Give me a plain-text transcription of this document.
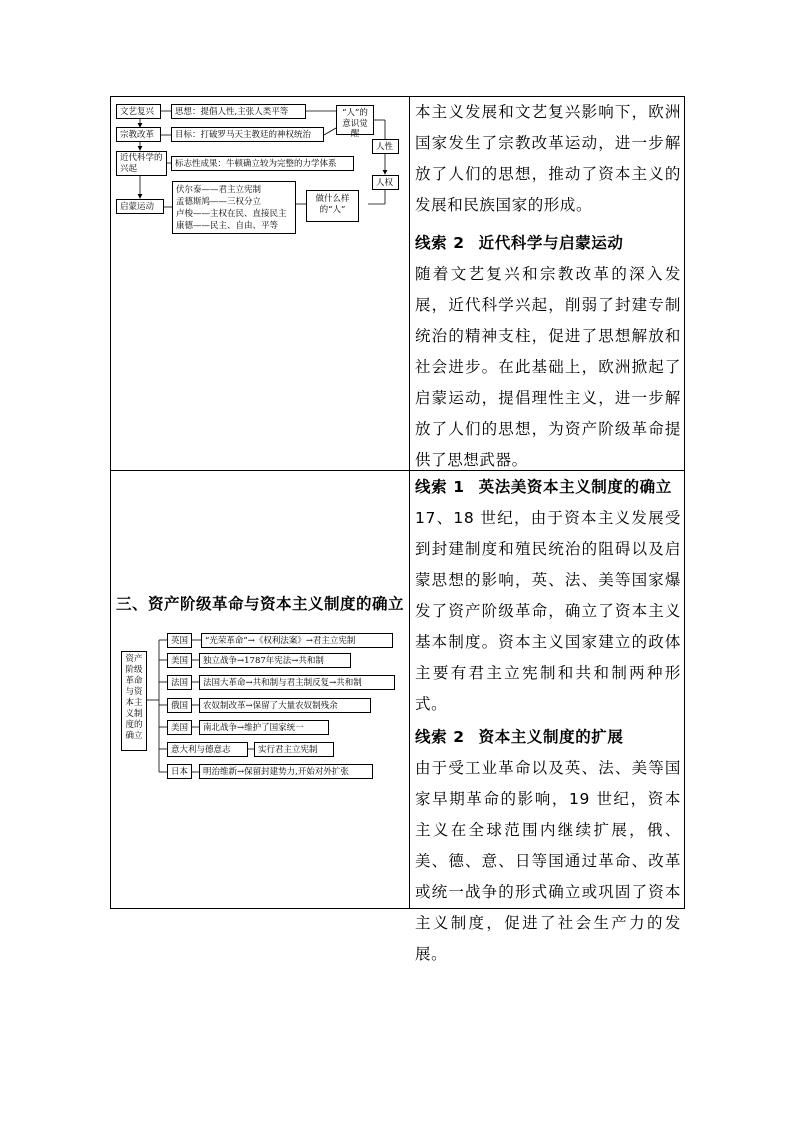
本主义发展和文艺复兴影响下，欧洲国家发生了宗教改革运动，进一步解放了人们的思想，推动了资本主义的发展和民族国家的形成。

线索 2 近代科学与启蒙运动

随着文艺复兴和宗教改革的深入发展，近代科学兴起，削弱了封建专制统治的精神支柱，促进了思想解放和社会进步。在此基础上，欧洲掀起了启蒙运动，提倡理性主义，进一步解放了人们的思想，为资产阶级革命提供了思想武器。

线索 1 英法美资本主义制度的确立

17、18 世纪，由于资本主义发展受到封建制度和殖民统治的阻碍以及启蒙思想的影响，英、法、美等国家爆发了资产阶级革命，确立了资本主义基本制度。资本主义国家建立的政体主要有君主立宪制和共和制两种形式。

线索 2 资本主义制度的扩展

由于受工业革命以及英、法、美等国家早期革命的影响，19 世纪，资本主义在全球范围内继续扩展，俄、美、德、意、日等国通过革命、改革或统一战争的形式确立或巩固了资本主义制度，促进了社会生产力的发展。

三、资产阶级革命与资本主义制度的确立
文艺复兴	思想：提倡人性,主张人类平等
宗教改革	目标：打破罗马天主教廷的神权统治
近代科学的兴起	标志性成果：牛顿确立较为完整的力学体系
启蒙运动
伏尔泰——君主立宪制
孟德斯鸠——三权分立
卢梭——主权在民、直接民主
康德——民主、自由、平等
“人”的意识觉醒
人性
人权
做什么样的“人”
资产阶级革命与资本主义制度的确立
英国	“光荣革命”→《权利法案》→君主立宪制
美国	独立战争→1787年宪法→共和制
法国	法国大革命→共和制与君主制反复→共和制
俄国	农奴制改革→保留了大量农奴制残余
美国	南北战争→维护了国家统一
意大利与德意志	实行君主立宪制
日本	明治维新→保留封建势力,开始对外扩张
